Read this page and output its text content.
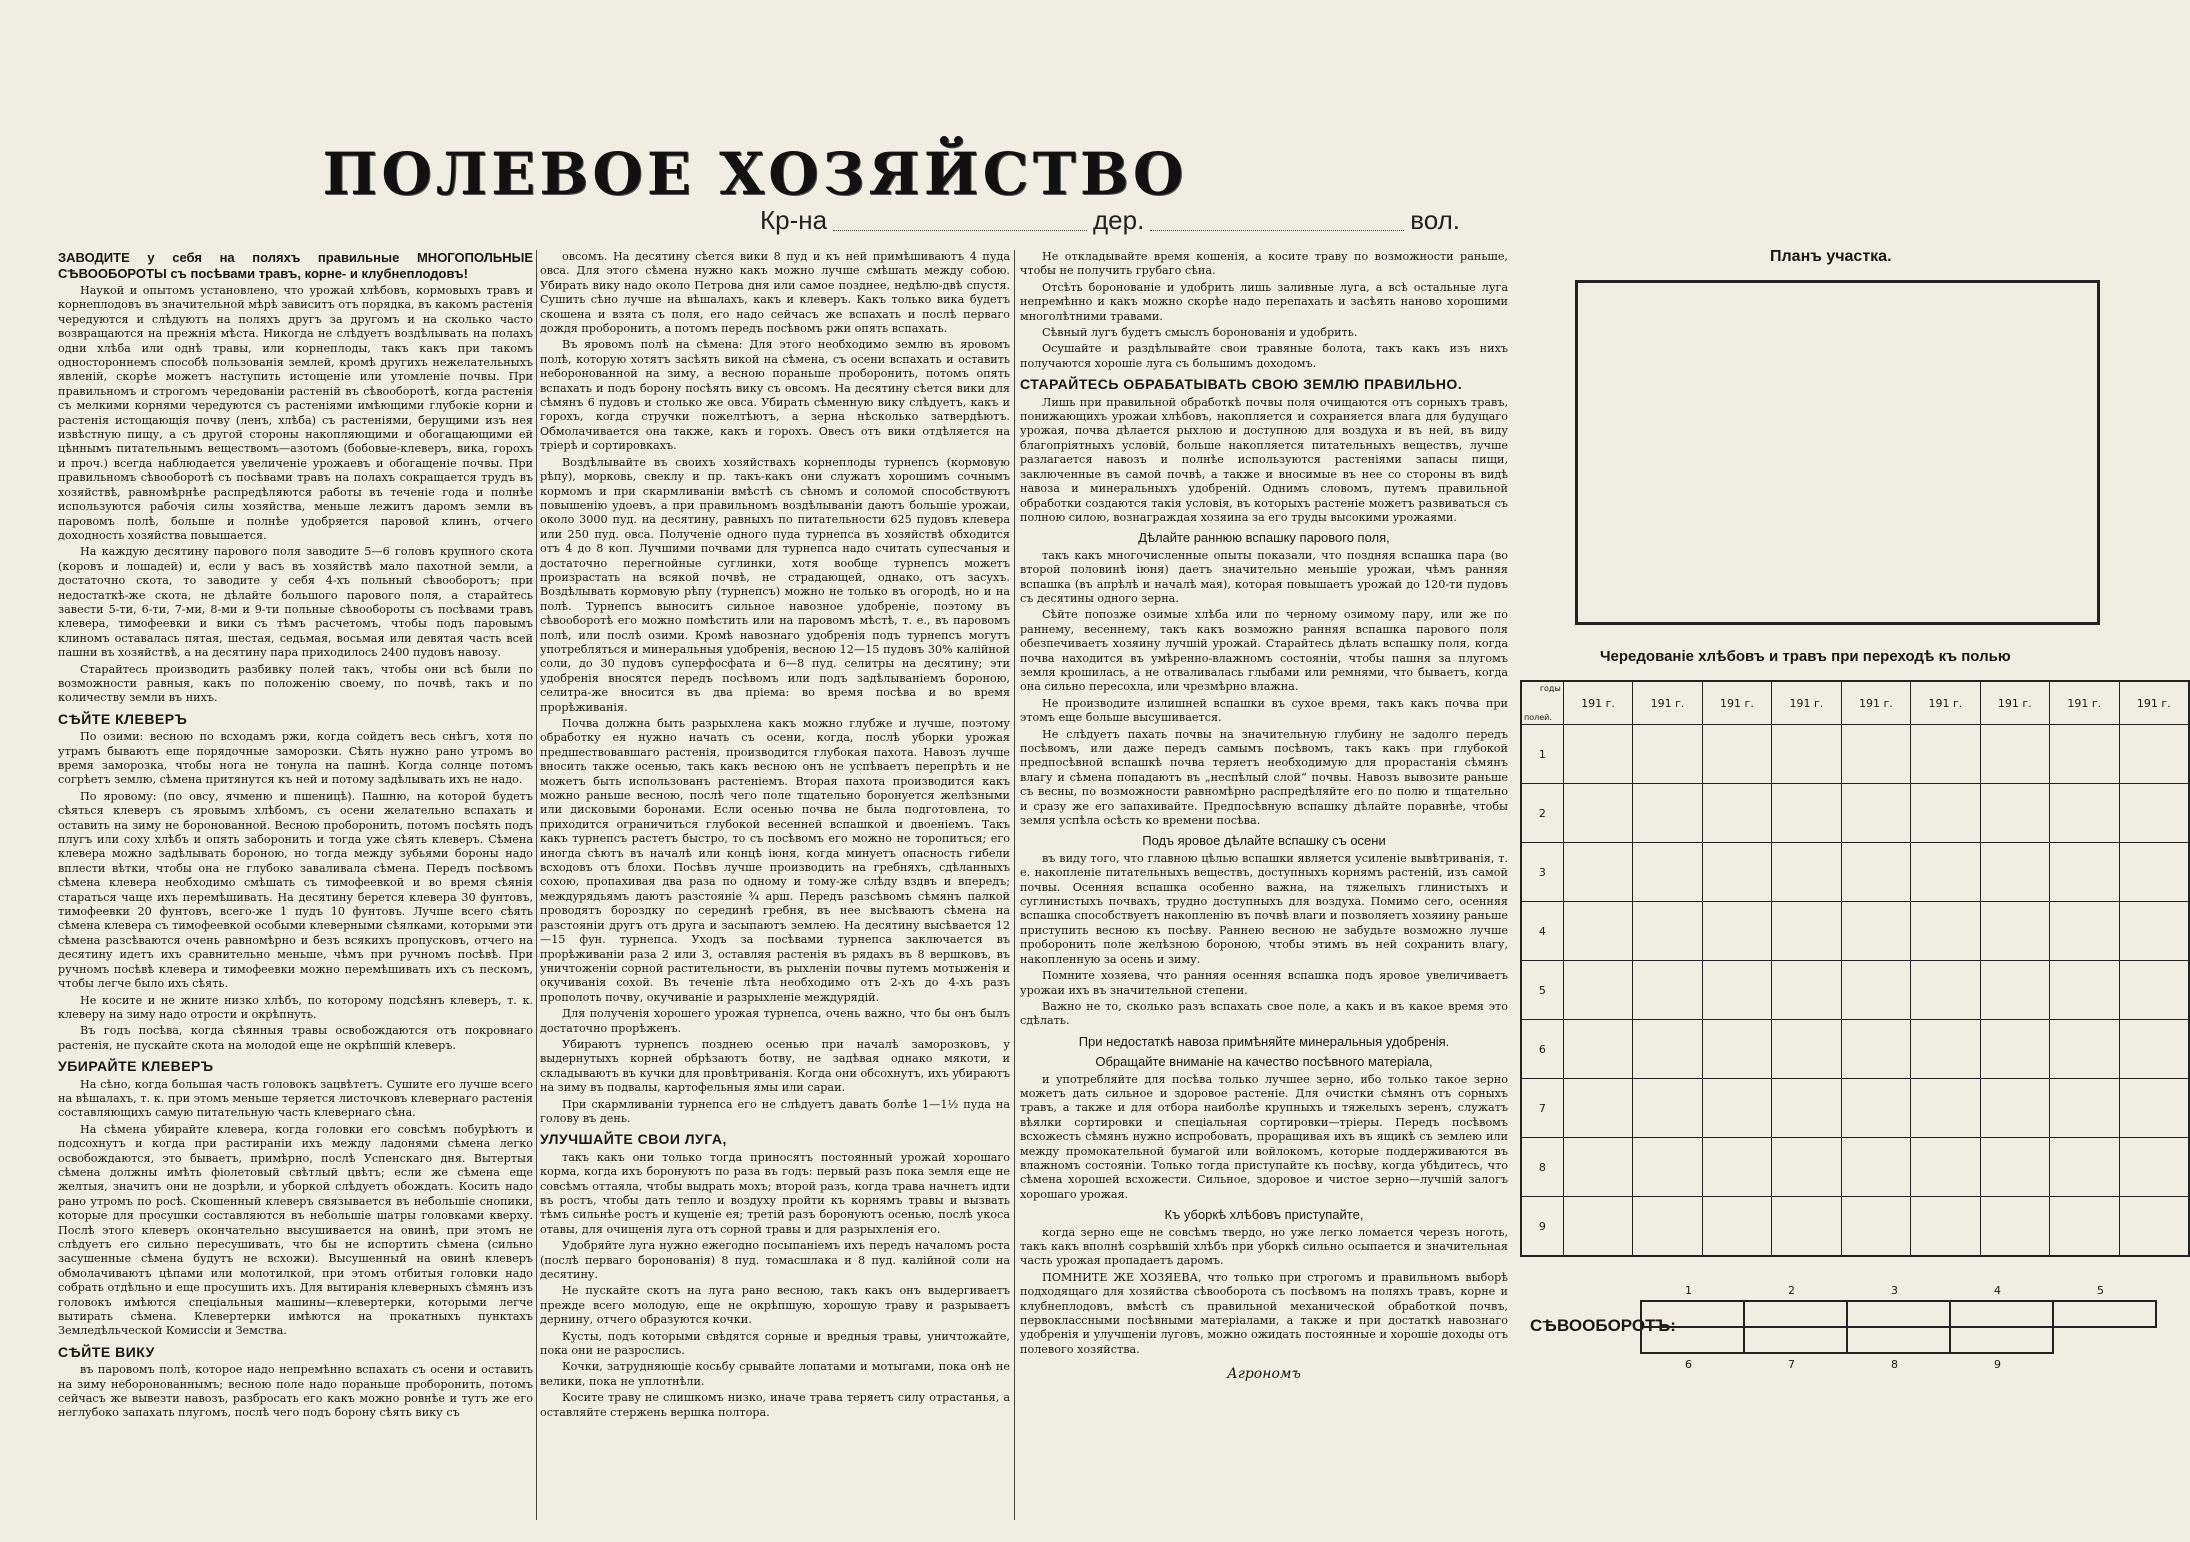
ПОЛЕВОЕ ХОЗЯЙСТВО
Кр-на	дер.	вол.

ЗАВОДИТЕ у себя на поляхъ правильные МНОГОПОЛЬНЫЕ СѢВООБОРОТЫ съ посѣвами травъ, корне- и клубнеплодовъ!

Наукой и опытомъ установлено, что урожай хлѣбовъ, кормовыхъ травъ и корнеплодовъ въ значительной мѣрѣ зависитъ отъ порядка, въ какомъ растенія чередуются и слѣдуютъ на поляхъ другъ за другомъ и на сколько часто возвращаются на прежнія мѣста. Никогда не слѣдуетъ воздѣлывать на полахъ одни хлѣба или однѣ травы, или корнеплоды, такъ какъ при такомъ одностороннемъ способѣ пользованія землей, кромѣ другихъ нежелательныхъ явленій, скорѣе можетъ наступить истощеніе или утомленіе почвы. При правильномъ и строгомъ чередованіи растеній въ сѣвооборотѣ, когда растенія съ мелкими корнями чередуются съ растеніями имѣющими глубокіе корни и растенія истощающія почву (ленъ, хлѣба) съ растеніями, берущими изъ нея извѣстную пищу, а съ другой стороны накопляющими и обогащающими ей цѣннымъ питательнымъ веществомъ—азотомъ (бобовые-клеверъ, вика, горохъ и проч.) всегда наблюдается увеличеніе урожаевъ и обогащеніе почвы. При правильномъ сѣвооборотѣ съ посѣвами травъ на полахъ сокращается трудъ въ хозяйствѣ, равномѣрнѣе распредѣляются работы въ теченіе года и полнѣе используются рабочія силы хозяйства, меньше лежитъ даромъ земли въ паровомъ полѣ, больше и полнѣе удобряется паровой клинъ, отчего доходность хозяйства повышается.

На каждую десятину парового поля заводите 5—6 головъ крупного скота (коровъ и лошадей) и, если у васъ въ хозяйствѣ мало пахотной земли, а достаточно скота, то заводите у себя 4-хъ польный сѣвооборотъ; при недостаткѣ-же скота, не дѣлайте большого парового поля, а старайтесь завести 5-ти, 6-ти, 7-ми, 8-ми и 9-ти польные сѣвообороты съ посѣвами травъ клевера, тимофеевки и вики съ тѣмъ расчетомъ, чтобы подъ паровымъ клиномъ оставалась пятая, шестая, седьмая, восьмая или девятая часть всей пашни въ хозяйствѣ, а на десятину пара приходилось 2400 пудовъ навозу.

Старайтесь производить разбивку полей такъ, чтобы они всѣ были по возможности равныя, какъ по положенію своему, по почвѣ, такъ и по количеству земли въ нихъ.

СѢЙТЕ КЛЕВЕРЪ

По озими: весною по всходамъ ржи, когда сойдетъ весь снѣгъ, хотя по утрамъ бываютъ еще порядочные заморозки. Сѣять нужно рано утромъ во время заморозка, чтобы нога не тонула на пашнѣ. Когда солнце потомъ согрѣетъ землю, сѣмена притянутся къ ней и потому задѣлывать ихъ не надо.

По яровому: (по овсу, ячменю и пшеницѣ). Пашню, на которой будетъ сѣяться клеверъ съ яровымъ хлѣбомъ, съ осени желательно вспахать и оставить на зиму не боронованной. Весною проборонить, потомъ посѣять подъ плугъ или соху хлѣбъ и опять заборонить и тогда уже сѣять клеверъ. Сѣмена клевера можно задѣлывать бороною, но тогда между зубьями бороны надо вплести вѣтки, чтобы она не глубоко заваливала сѣмена. Передъ посѣвомъ сѣмена клевера необходимо смѣшать съ тимофеевкой и во время сѣянія стараться чаще ихъ перемѣшивать. На десятину берется клевера 30 фунтовъ, тимофеевки 20 фунтовъ, всего-же 1 пудъ 10 фунтовъ. Лучше всего сѣять сѣмена клевера съ тимофеевкой особыми клеверными сѣялками, которыми эти сѣмена разсѣваются очень равномѣрно и безъ всякихъ пропусковъ, отчего на десятину идетъ ихъ сравнительно меньше, чѣмъ при ручномъ посѣвѣ. При ручномъ посѣвѣ клевера и тимофеевки можно перемѣшивать ихъ съ пескомъ, чтобы легче было ихъ сѣять.

Не косите и не жните низко хлѣбъ, по которому подсѣянъ клеверъ, т. к. клеверу на зиму надо отрости и окрѣпнуть.

Въ годъ посѣва, когда сѣянныя травы освобождаются отъ покровнаго растенія, не пускайте скота на молодой еще не окрѣпшій клеверъ.

УБИРАЙТЕ КЛЕВЕРЪ

На сѣно, когда большая часть головокъ зацвѣтетъ. Сушите его лучше всего на вѣшалахъ, т. к. при этомъ меньше теряется листочковъ клевернаго растенія составляющихъ самую питательную часть клевернаго сѣна.

На сѣмена убирайте клевера, когда головки его совсѣмъ побурѣютъ и подсохнутъ и когда при растираніи ихъ между ладонями сѣмена легко освобождаются, это бываетъ, примѣрно, послѣ Успенскаго дня. Вытертыя сѣмена должны имѣть фіолетовый свѣтлый цвѣтъ; если же сѣмена еще желтыя, значитъ они не дозрѣли, и уборкой слѣдуетъ обождать. Косить надо рано утромъ по росѣ. Скошенный клеверъ связывается въ небольшіе снопики, которые для просушки составляются въ небольшіе шатры головками кверху. Послѣ этого клеверъ окончательно высушивается на овинѣ, при этомъ не слѣдуетъ его сильно пересушивать, что бы не испортить сѣмена (сильно засушенные сѣмена будутъ не всхожи). Высушенный на овинѣ клеверъ обмолачиваютъ цѣпами или молотилкой, при этомъ отбитыя головки надо собрать отдѣльно и еще просушить ихъ. Для вытиранія клеверныхъ сѣмянъ изъ головокъ имѣются спеціальныя машины—клевертерки, которыми легче вытирать сѣмена. Клевертерки имѣются на прокатныхъ пунктахъ Земледѣльческой Комиссіи и Земства.

СѢЙТЕ ВИКУ

въ паровомъ полѣ, которое надо непремѣнно вспахать съ осени и оставить на зиму неборонованнымъ; весною поле надо пораньше проборонить, потомъ сейчасъ же вывезти навозъ, разбросать его какъ можно ровнѣе и тутъ же его неглубоко запахать плугомъ, послѣ чего подъ борону сѣять вику съ

овсомъ. На десятину сѣется вики 8 пуд и къ ней примѣшиваютъ 4 пуда овса. Для этого сѣмена нужно какъ можно лучше смѣшать между собою. Убирать вику надо около Петрова дня или самое позднее, недѣлю-двѣ спустя. Сушить сѣно лучше на вѣшалахъ, какъ и клеверъ. Какъ только вика будетъ скошена и взята съ поля, его надо сейчасъ же вспахать и послѣ перваго дождя проборонить, а потомъ передъ посѣвомъ ржи опять вспахать.

Въ яровомъ полѣ на сѣмена: Для этого необходимо землю въ яровомъ полѣ, которую хотятъ засѣять викой на сѣмена, съ осени вспахать и оставить неборонованной на зиму, а весною пораньше проборонить, потомъ опять вспахать и подъ борону посѣять вику съ овсомъ. На десятину сѣется вики для сѣмянъ 6 пудовъ и столько же овса. Убирать сѣменную вику слѣдуетъ, какъ и горохъ, когда стручки пожелтѣютъ, а зерна нѣсколько затвердѣютъ. Обмолачивается она также, какъ и горохъ. Овесъ отъ вики отдѣляется на тріерѣ и сортировкахъ.

Воздѣлывайте въ своихъ хозяйствахъ корнеплоды турнепсъ (кормовую рѣпу), морковь, свеклу и пр. такъ-какъ они служатъ хорошимъ сочнымъ кормомъ и при скармливаніи вмѣстѣ съ сѣномъ и соломой способствуютъ повышенію удоевъ, а при правильномъ воздѣлываніи даютъ большіе урожаи, около 3000 пуд. на десятину, равныхъ по питательности 625 пудовъ клевера или 250 пуд. овса. Полученіе одного пуда турнепса въ хозяйствѣ обходится отъ 4 до 8 коп. Лучшими почвами для турнепса надо считать супесчаныя и достаточно перегнойные суглинки, хотя вообще турнепсъ можетъ произрастать на всякой почвѣ, не страдающей, однако, отъ засухъ. Воздѣлывать кормовую рѣпу (турнепсъ) можно не только въ огородѣ, но и на полѣ. Турнепсъ выноситъ сильное навозное удобреніе, поэтому въ сѣвооборотѣ его можно помѣстить или на паровомъ мѣстѣ, т. е., въ паровомъ полѣ, или послѣ озими. Кромѣ навознаго удобренія подъ турнепсъ могутъ употребляться и минеральныя удобренія, весною 12—15 пудовъ 30% калійной соли, до 30 пудовъ суперфосфата и 6—8 пуд. селитры на десятину; эти удобренія вносятся передъ посѣвомъ или подъ задѣлываніемъ бороною, селитра-же вносится въ два пріема: во время посѣва и во время прорѣживанія.

Почва должна быть разрыхлена какъ можно глубже и лучше, поэтому обработку ея нужно начать съ осени, когда, послѣ уборки урожая предшествовавшаго растенія, производится глубокая пахота. Навозъ лучше вносить также осенью, такъ какъ весною онъ не успѣваетъ перепрѣть и не можетъ быть использованъ растеніемъ. Вторая пахота производится какъ можно раньше весною, послѣ чего поле тщательно боронуется желѣзными или дисковыми боронами. Если осенью почва не была подготовлена, то приходится ограничиться глубокой весенней вспашкой и двоеніемъ. Такъ какъ турнепсъ растетъ быстро, то съ посѣвомъ его можно не торопиться; его иногда сѣютъ въ началѣ или концѣ іюня, когда минуетъ опасность гибели всходовъ отъ блохи. Посѣвъ лучше производить на гребняхъ, сдѣланныхъ сохою, пропахивая два раза по одному и тому-же слѣду вздвъ и впередъ; междурядьямъ даютъ разстояніе ¾ арш. Передъ разсѣвомъ сѣмянъ палкой проводятъ бороздку по серединѣ гребня, въ нее высѣваютъ сѣмена на разстояніи другъ отъ друга и засыпаютъ землею. На десятину высѣвается 12—15 фун. турнепса. Уходъ за посѣвами турнепса заключается въ прорѣживаніи раза 2 или 3, оставляя растенія въ рядахъ въ 8 вершковъ, въ уничтоженіи сорной растительности, въ рыхленіи почвы путемъ мотыженія и окучиванія сохой. Въ теченіе лѣта необходимо отъ 2-хъ до 4-хъ разъ прополоть почву, окучиваніе и разрыхленіе междурядій.

Для полученія хорошего урожая турнепса, очень важно, что бы онъ былъ достаточно прорѣженъ.

Убираютъ турнепсъ позднею осенью при началѣ заморозковъ, у выдернутыхъ корней обрѣзаютъ ботву, не задѣвая однако мякоти, и складываютъ въ кучки для провѣтриванія. Когда они обсохнутъ, ихъ убираютъ на зиму въ подвалы, картофельныя ямы или сараи.

При скармливаніи турнепса его не слѣдуетъ давать болѣе 1—1½ пуда на голову въ день.

УЛУЧШАЙТЕ СВОИ ЛУГА,

такъ какъ они только тогда приносятъ постоянный урожай хорошаго корма, когда ихъ боронуютъ по раза въ годъ: первый разъ пока земля еще не совсѣмъ оттаяла, чтобы выдрать мохъ; второй разъ, когда трава начнетъ идти въ ростъ, чтобы дать тепло и воздуху пройти къ корнямъ травы и вызвать тѣмъ сильнѣе ростъ и кущеніе ея; третій разъ боронуютъ осенью, послѣ укоса отавы, для очищенія луга отъ сорной травы и для разрыхленія его.

Удобряйте луга нужно ежегодно посыпаніемъ ихъ передъ началомъ роста (послѣ перваго боронованія) 8 пуд. томасшлака и 8 пуд. калійной соли на десятину.

Не пускайте скотъ на луга рано весною, такъ какъ онъ выдергиваетъ прежде всего молодую, еще не окрѣпшую, хорошую траву и разрываетъ дернину, отчего образуются кочки.

Кусты, подъ которыми свѣдятся сорные и вредныя травы, уничтожайте, пока они не разрослись.

Кочки, затрудняющіе косьбу срывайте лопатами и мотыгами, пока онѣ не велики, пока не уплотнѣли.

Косите траву не слишкомъ низко, иначе трава теряетъ силу отрастанья, а оставляйте стержень вершка полтора.

Не откладывайте время кошенія, а косите траву по возможности раньше, чтобы не получить грубаго сѣна.

Отсѣть боронованіе и удобрить лишь заливные луга, а всѣ остальные луга непремѣнно и какъ можно скорѣе надо перепахать и засѣять наново хорошими многолѣтними травами.

Сѣвный лугъ будетъ смыслъ боронованія и удобрить.

Осушайте и раздѣлывайте свои травяные болота, такъ какъ изъ нихъ получаются хорошіе луга съ большимъ доходомъ.

СТАРАЙТЕСЬ ОБРАБАТЫВАТЬ СВОЮ ЗЕМЛЮ ПРАВИЛЬНО.

Лишь при правильной обработкѣ почвы поля очищаются отъ сорныхъ травъ, понижающихъ урожаи хлѣбовъ, накопляется и сохраняется влага для будущаго урожая, почва дѣлается рыхлою и доступною для воздуха и въ ней, въ виду благопріятныхъ условій, больше накопляется питательныхъ веществъ, лучше разлагается навозъ и полнѣе используются растеніями запасы пищи, заключенные въ самой почвѣ, а также и вносимые въ нее со стороны въ видѣ навоза и минеральныхъ удобреній. Однимъ словомъ, путемъ правильной обработки создаются такія условія, въ которыхъ растеніе можетъ развиваться съ полною силою, вознаграждая хозяина за его труды высокими урожаями.

Дѣлайте раннюю вспашку парового поля,

такъ какъ многочисленные опыты показали, что поздняя вспашка пара (во второй половинѣ іюня) даетъ значительно меньшіе урожаи, чѣмъ ранняя вспашка (въ апрѣлѣ и началѣ мая), которая повышаетъ урожай до 120-ти пудовъ съ десятины одного зерна.

Сѣйте попозже озимые хлѣба или по черному озимому пару, или же по раннему, весеннему, такъ какъ возможно ранняя вспашка парового поля обезпечиваетъ хозяину лучшій урожай. Старайтесь дѣлать вспашку поля, когда почва находится въ умѣренно-влажномъ состояніи, чтобы пашня за плугомъ земля крошилась, а не отваливалась глыбами или ремнями, что бываетъ, когда она сильно пересохла, или чрезмѣрно влажна.

Не производите излишней вспашки въ сухое время, такъ какъ почва при этомъ еще больше высушивается.

Не слѣдуетъ пахать почвы на значительную глубину не задолго передъ посѣвомъ, или даже передъ самымъ посѣвомъ, такъ какъ при глубокой предпосѣвной вспашкѣ почва теряетъ необходимую для прорастанія сѣмянъ влагу и сѣмена попадаютъ въ „неспѣлый слой“ почвы. Навозъ вывозите раньше съ весны, по возможности равномѣрно распредѣляйте его по полю и тщательно и сразу же его запахивайте. Предпосѣвную вспашку дѣлайте поравнѣе, чтобы земля успѣла осѣсть ко времени посѣва.

Подъ яровое дѣлайте вспашку съ осени

въ виду того, что главною цѣлью вспашки является усиленіе вывѣтриванія, т. е. накопленіе питательныхъ веществъ, доступныхъ корнямъ растеній, изъ самой почвы. Осенняя вспашка особенно важна, на тяжелыхъ глинистыхъ и суглинистыхъ почвахъ, трудно доступныхъ для воздуха. Помимо сего, осенняя вспашка способствуетъ накопленію въ почвѣ влаги и позволяетъ хозяину раньше приступить весною къ посѣву. Раннею весною не забудьте возможно лучше проборонить поле желѣзною бороною, чтобы этимъ въ ней сохранить влагу, накопленную за осень и зиму.

Помните хозяева, что ранняя осенняя вспашка подъ яровое увеличиваетъ урожаи ихъ въ значительной степени.

Важно не то, сколько разъ вспахать свое поле, а какъ и въ какое время это сдѣлать.

При недостаткѣ навоза примѣняйте минеральныя удобренія.

Обращайте вниманіе на качество посѣвного матеріала,

и употребляйте для посѣва только лучшее зерно, ибо только такое зерно можетъ дать сильное и здоровое растеніе. Для очистки сѣмянъ отъ сорныхъ травъ, а также и для отбора наиболѣе крупныхъ и тяжелыхъ зеренъ, служатъ вѣялки сортировки и спеціальная сортировки—тріеры. Передъ посѣвомъ всхожесть сѣмянъ нужно испробовать, проращивая ихъ въ ящикѣ съ землею или между промокательной бумагой или войлокомъ, которые поддерживаются въ влажномъ состояніи. Только тогда приступайте къ посѣву, когда убѣдитесь, что сѣмена хорошей всхожести. Сильное, здоровое и чистое зерно—лучшій залогъ хорошаго урожая.

Къ уборкѣ хлѣбовъ приступайте,

когда зерно еще не совсѣмъ твердо, но уже легко ломается черезъ ноготь, такъ какъ вполнѣ созрѣвшій хлѣбъ при уборкѣ сильно осыпается и значительная часть урожая пропадаетъ даромъ.

ПОМНИТЕ ЖЕ ХОЗЯЕВА, что только при строгомъ и правильномъ выборѣ подходящаго для хозяйства сѣвооборота съ посѣвомъ на поляхъ травъ, корне и клубнеплодовъ, вмѣстѣ съ правильной механической обработкой почвъ, первоклассными посѣвными матеріалами, а также и при достаткѣ навознаго удобренія и улучшеніи луговъ, можно ожидать постоянные и хорошіе доходы отъ полевого хозяйства.

Агрономъ

Планъ участка.
Чередованіе хлѣбовъ и травъ при переходѣ къ полью
годы
полей.	191 г.	191 г.	191 г.	191 г.	191 г.	191 г.	191 г.	191 г.	191 г.
1									
2									
3									
4									
5									
6									
7									
8									
9									
СѢВООБОРОТЪ:
1	2	3	4	5
6	7	8	9
